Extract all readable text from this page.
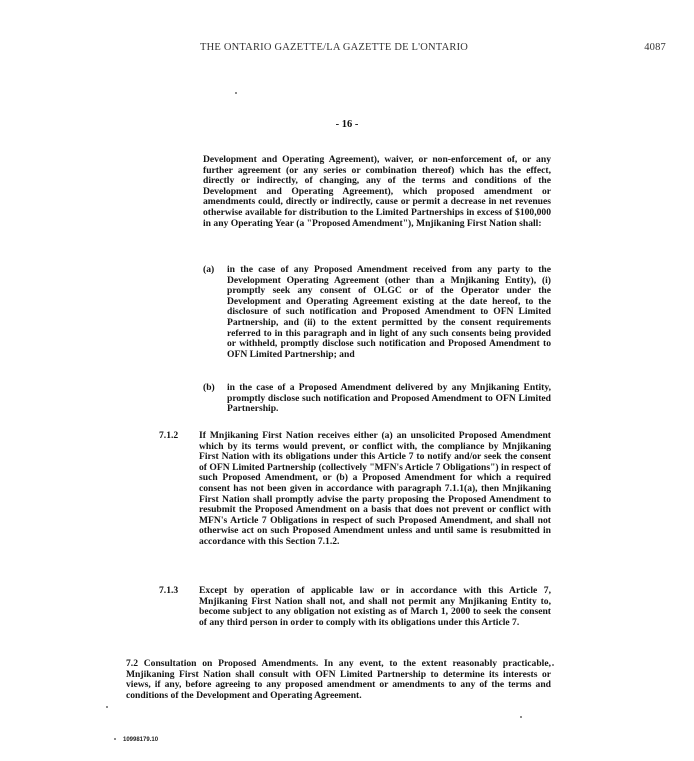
THE ONTARIO GAZETTE/LA GAZETTE DE L'ONTARIO	4087
- 16 -
Development and Operating Agreement), waiver, or non-enforcement of, or any further agreement (or any series or combination thereof) which has the effect, directly or indirectly, of changing, any of the terms and conditions of the Development and Operating Agreement), which proposed amendment or amendments could, directly or indirectly, cause or permit a decrease in net revenues otherwise available for distribution to the Limited Partnerships in excess of $100,000 in any Operating Year (a "Proposed Amendment"), Mnjikaning First Nation shall:
(a) in the case of any Proposed Amendment received from any party to the Development Operating Agreement (other than a Mnjikaning Entity), (i) promptly seek any consent of OLGC or of the Operator under the Development and Operating Agreement existing at the date hereof, to the disclosure of such notification and Proposed Amendment to OFN Limited Partnership, and (ii) to the extent permitted by the consent requirements referred to in this paragraph and in light of any such consents being provided or withheld, promptly disclose such notification and Proposed Amendment to OFN Limited Partnership; and
(b) in the case of a Proposed Amendment delivered by any Mnjikaning Entity, promptly disclose such notification and Proposed Amendment to OFN Limited Partnership.
7.1.2 If Mnjikaning First Nation receives either (a) an unsolicited Proposed Amendment which by its terms would prevent, or conflict with, the compliance by Mnjikaning First Nation with its obligations under this Article 7 to notify and/or seek the consent of OFN Limited Partnership (collectively "MFN's Article 7 Obligations") in respect of such Proposed Amendment, or (b) a Proposed Amendment for which a required consent has not been given in accordance with paragraph 7.1.1(a), then Mnjikaning First Nation shall promptly advise the party proposing the Proposed Amendment to resubmit the Proposed Amendment on a basis that does not prevent or conflict with MFN's Article 7 Obligations in respect of such Proposed Amendment, and shall not otherwise act on such Proposed Amendment unless and until same is resubmitted in accordance with this Section 7.1.2.
7.1.3 Except by operation of applicable law or in accordance with this Article 7, Mnjikaning First Nation shall not, and shall not permit any Mnjikaning Entity to, become subject to any obligation not existing as of March 1, 2000 to seek the consent of any third person in order to comply with its obligations under this Article 7.
7.2 Consultation on Proposed Amendments. In any event, to the extent reasonably practicable, Mnjikaning First Nation shall consult with OFN Limited Partnership to determine its interests or views, if any, before agreeing to any proposed amendment or amendments to any of the terms and conditions of the Development and Operating Agreement.
10998179.10
